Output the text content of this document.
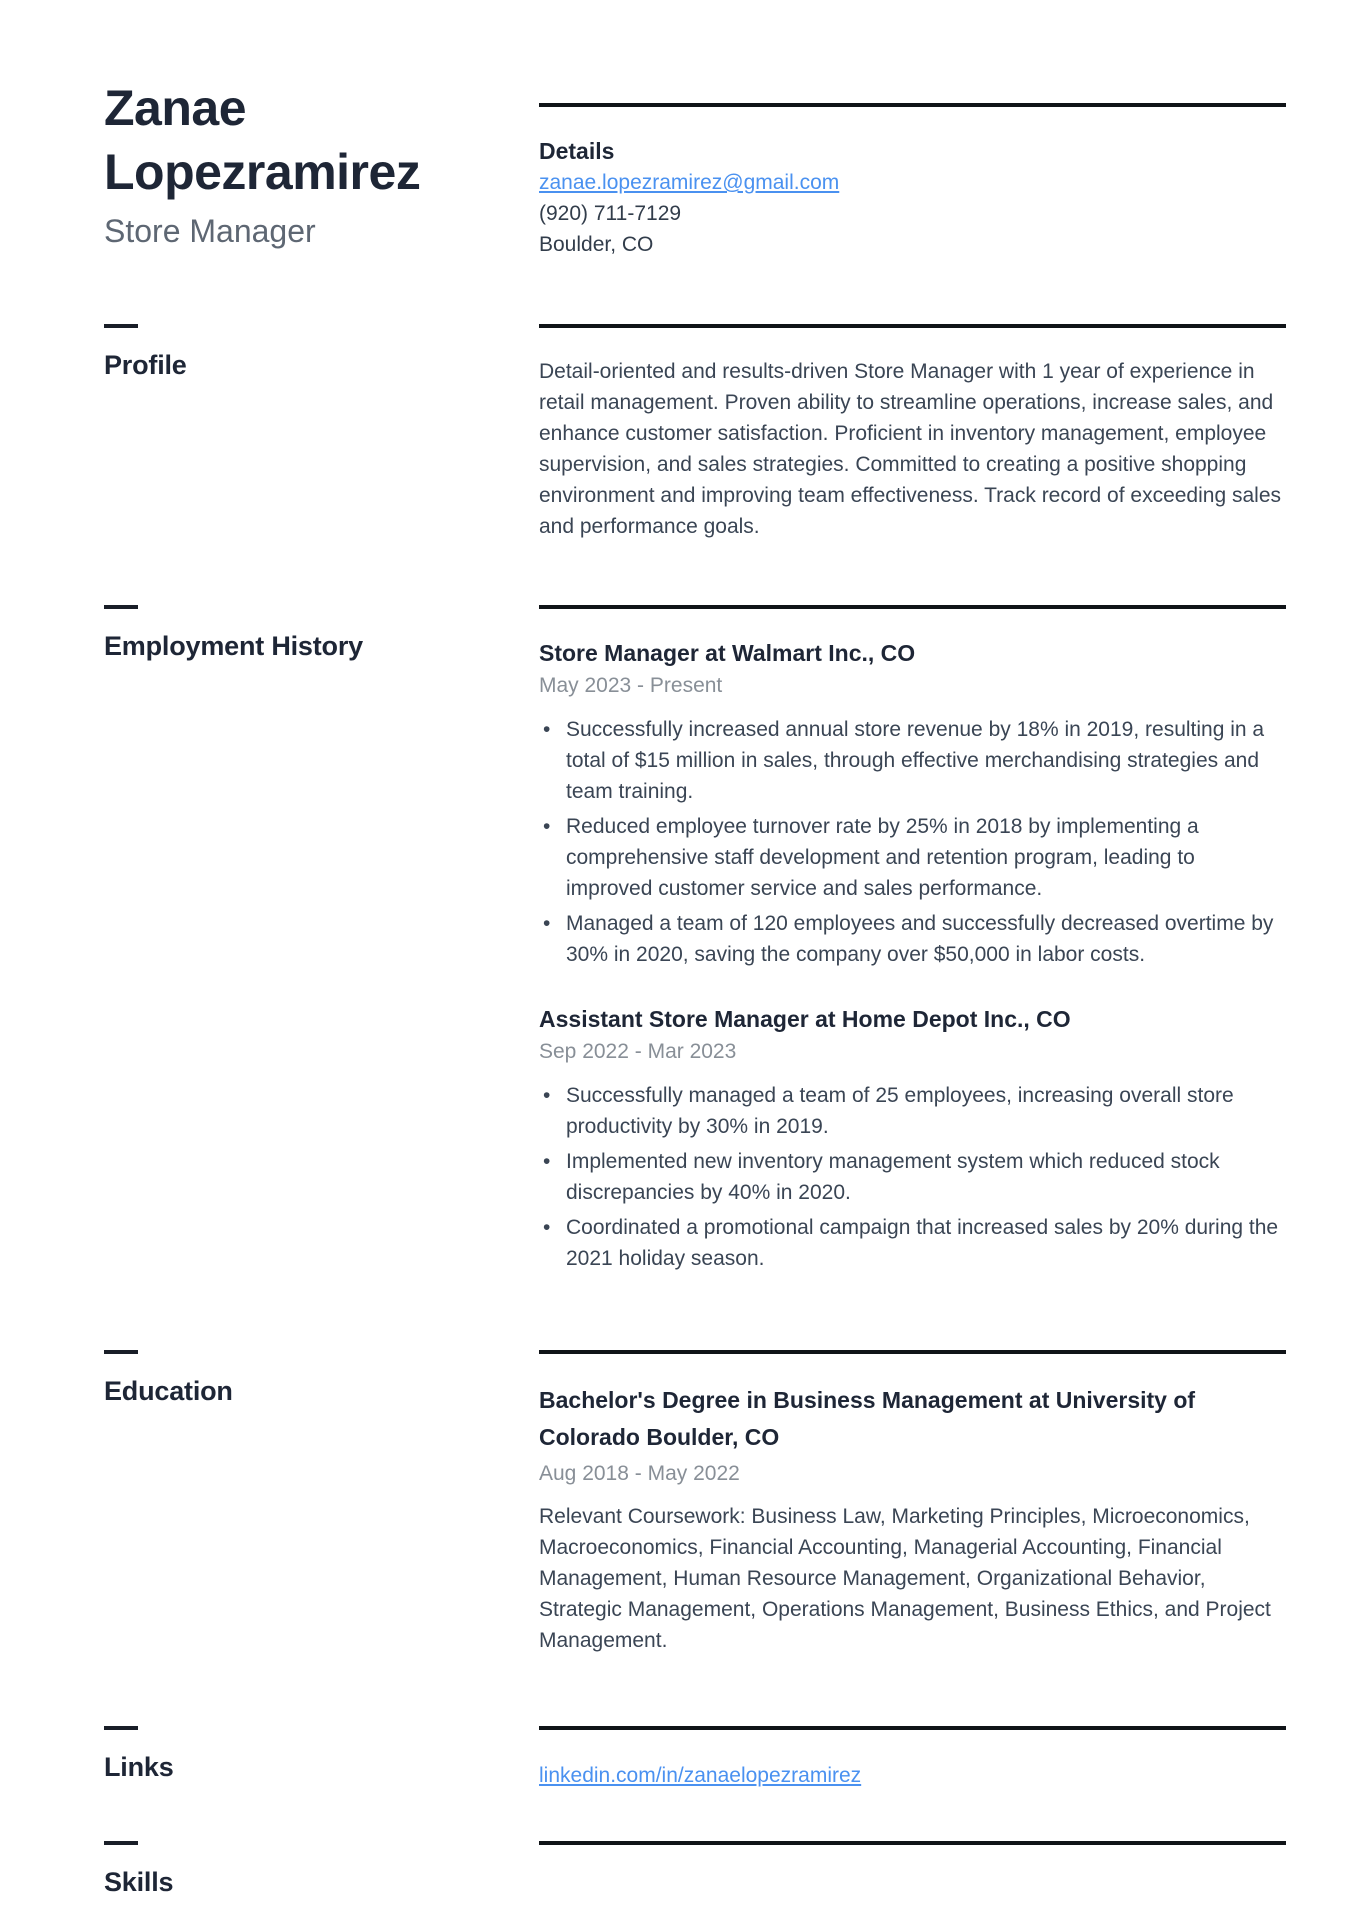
Zanae Lopezramirez
Store Manager
Details
zanae.lopezramirez@gmail.com
(920) 711-7129
Boulder, CO
Profile	Detail-oriented and results-driven Store Manager with 1 year of experience in retail management. Proven ability to streamline operations, increase sales, and enhance customer satisfaction. Proficient in inventory management, employee supervision, and sales strategies. Committed to creating a positive shopping environment and improving team effectiveness. Track record of exceeding sales and performance goals.

Employment History	Store Manager at Walmart Inc., CO
May 2023 - Present
• Successfully increased annual store revenue by 18% in 2019, resulting in a total of $15 million in sales, through effective merchandising strategies and team training.
• Reduced employee turnover rate by 25% in 2018 by implementing a comprehensive staff development and retention program, leading to improved customer service and sales performance.
• Managed a team of 120 employees and successfully decreased overtime by 30% in 2020, saving the company over $50,000 in labor costs.
Assistant Store Manager at Home Depot Inc., CO
Sep 2022 - Mar 2023
• Successfully managed a team of 25 employees, increasing overall store productivity by 30% in 2019.
• Implemented new inventory management system which reduced stock discrepancies by 40% in 2020.
• Coordinated a promotional campaign that increased sales by 20% during the 2021 holiday season.
Education	Bachelor's Degree in Business Management at University of Colorado Boulder, CO
Aug 2018 - May 2022

Relevant Coursework: Business Law, Marketing Principles, Microeconomics, Macroeconomics, Financial Accounting, Managerial Accounting, Financial Management, Human Resource Management, Organizational Behavior, Strategic Management, Operations Management, Business Ethics, and Project Management.

Links	linkedin.com/in/zanaelopezramirez
Skills
